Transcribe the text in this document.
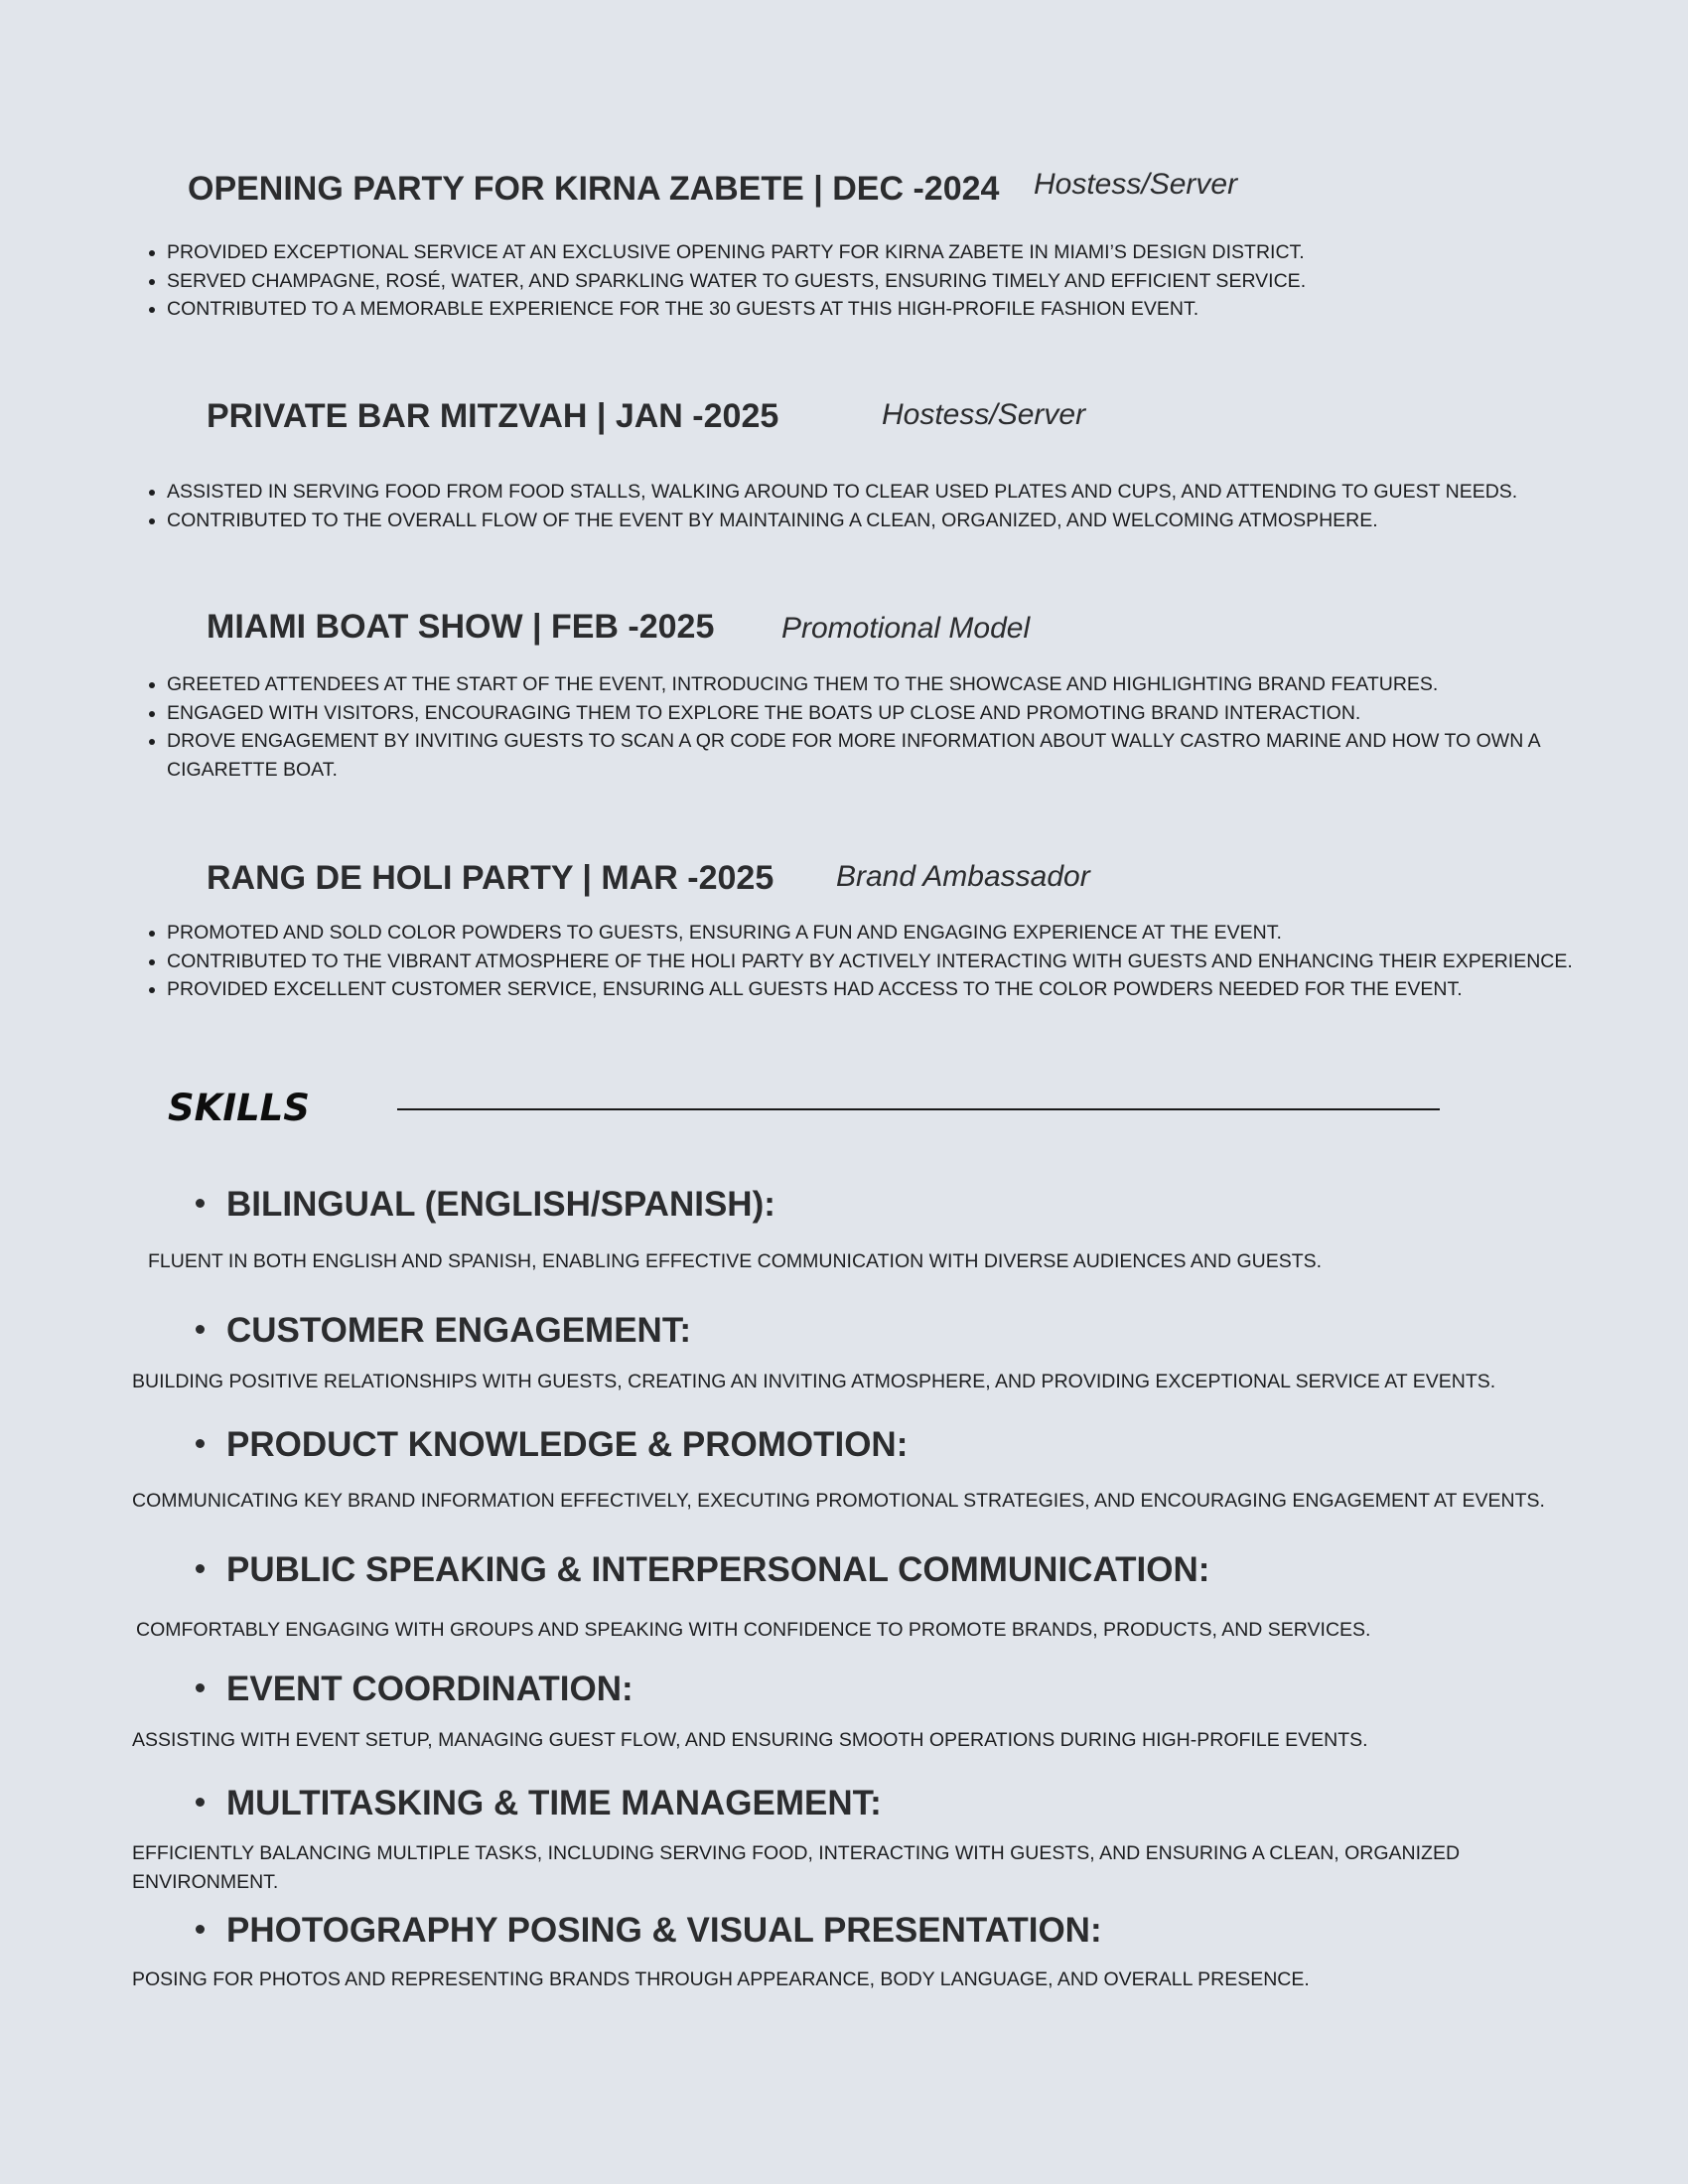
OPENING PARTY FOR KIRNA ZABETE | DEC -2024 Hostess/Server
• PROVIDED EXCEPTIONAL SERVICE AT AN EXCLUSIVE OPENING PARTY FOR KIRNA ZABETE IN MIAMI’S DESIGN DISTRICT.
• SERVED CHAMPAGNE, ROSÉ, WATER, AND SPARKLING WATER TO GUESTS, ENSURING TIMELY AND EFFICIENT SERVICE.
• CONTRIBUTED TO A MEMORABLE EXPERIENCE FOR THE 30 GUESTS AT THIS HIGH-PROFILE FASHION EVENT.
PRIVATE BAR MITZVAH | JAN -2025	Hostess/Server
• ASSISTED IN SERVING FOOD FROM FOOD STALLS, WALKING AROUND TO CLEAR USED PLATES AND CUPS, AND ATTENDING TO GUEST NEEDS.
• CONTRIBUTED TO THE OVERALL FLOW OF THE EVENT BY MAINTAINING A CLEAN, ORGANIZED, AND WELCOMING ATMOSPHERE.
MIAMI BOAT SHOW | FEB -2025 Promotional Model
• GREETED ATTENDEES AT THE START OF THE EVENT, INTRODUCING THEM TO THE SHOWCASE AND HIGHLIGHTING BRAND FEATURES.
• ENGAGED WITH VISITORS, ENCOURAGING THEM TO EXPLORE THE BOATS UP CLOSE AND PROMOTING BRAND INTERACTION.
• DROVE ENGAGEMENT BY INVITING GUESTS TO SCAN A QR CODE FOR MORE INFORMATION ABOUT WALLY CASTRO MARINE AND HOW TO OWN A CIGARETTE BOAT.
RANG DE HOLI PARTY | MAR -2025 Brand Ambassador
• PROMOTED AND SOLD COLOR POWDERS TO GUESTS, ENSURING A FUN AND ENGAGING EXPERIENCE AT THE EVENT.
• CONTRIBUTED TO THE VIBRANT ATMOSPHERE OF THE HOLI PARTY BY ACTIVELY INTERACTING WITH GUESTS AND ENHANCING THEIR EXPERIENCE.
• PROVIDED EXCELLENT CUSTOMER SERVICE, ENSURING ALL GUESTS HAD ACCESS TO THE COLOR POWDERS NEEDED FOR THE EVENT.
SKILLS
BILINGUAL (ENGLISH/SPANISH):
FLUENT IN BOTH ENGLISH AND SPANISH, ENABLING EFFECTIVE COMMUNICATION WITH DIVERSE AUDIENCES AND GUESTS.
CUSTOMER ENGAGEMENT:
BUILDING POSITIVE RELATIONSHIPS WITH GUESTS, CREATING AN INVITING ATMOSPHERE, AND PROVIDING EXCEPTIONAL SERVICE AT EVENTS.
PRODUCT KNOWLEDGE & PROMOTION:
COMMUNICATING KEY BRAND INFORMATION EFFECTIVELY, EXECUTING PROMOTIONAL STRATEGIES, AND ENCOURAGING ENGAGEMENT AT EVENTS.
PUBLIC SPEAKING & INTERPERSONAL COMMUNICATION:
COMFORTABLY ENGAGING WITH GROUPS AND SPEAKING WITH CONFIDENCE TO PROMOTE BRANDS, PRODUCTS, AND SERVICES.
EVENT COORDINATION:
ASSISTING WITH EVENT SETUP, MANAGING GUEST FLOW, AND ENSURING SMOOTH OPERATIONS DURING HIGH-PROFILE EVENTS.
MULTITASKING & TIME MANAGEMENT:
EFFICIENTLY BALANCING MULTIPLE TASKS, INCLUDING SERVING FOOD, INTERACTING WITH GUESTS, AND ENSURING A CLEAN, ORGANIZED ENVIRONMENT.
PHOTOGRAPHY POSING & VISUAL PRESENTATION:
POSING FOR PHOTOS AND REPRESENTING BRANDS THROUGH APPEARANCE, BODY LANGUAGE, AND OVERALL PRESENCE.
